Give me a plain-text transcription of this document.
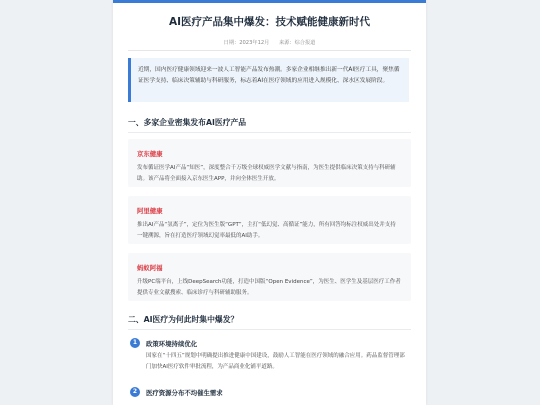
AI医疗产品集中爆发：技术赋能健康新时代
日期：2023年12月 来源：综合报道

近期，国内医疗健康领域迎来一波人工智能产品发布热潮。多家企业相继推出新一代AI医疗工具，聚焦循证医学支持、临床决策辅助与科研服务，标志着AI在医疗领域的应用进入规模化、深水区发展阶段。

一、多家企业密集发布AI医疗产品
京东健康

发布循证医学AI产品“知医”，深度整合千万级全球权威医学文献与指南，为医生提供临床决策支持与科研辅助。该产品将全面接入京东医生APP，并向全体医生开放。

阿里健康

推出AI产品“氢离子”，定位为医生版“GPT”，主打“低幻觉、高循证”能力，所有回答均标注权威出处并支持一键溯源，旨在打造医疗领域幻觉率最低的AI助手。

蚂蚁阿福

升级PC端平台，上线DeepSearch功能，打造中国版“Open Evidence”，为医生、医学生及基层医疗工作者提供专业文献搜索、临床诊疗与科研辅助服务。

二、AI医疗为何此时集中爆发？
1	政策环境持续优化

国家在“十四五”规划中明确提出推进健康中国建设，鼓励人工智能在医疗领域的融合应用。药品监督管理部门加快AI医疗软件审批流程，为产品商业化铺平道路。

2	医疗资源分布不均催生需求
